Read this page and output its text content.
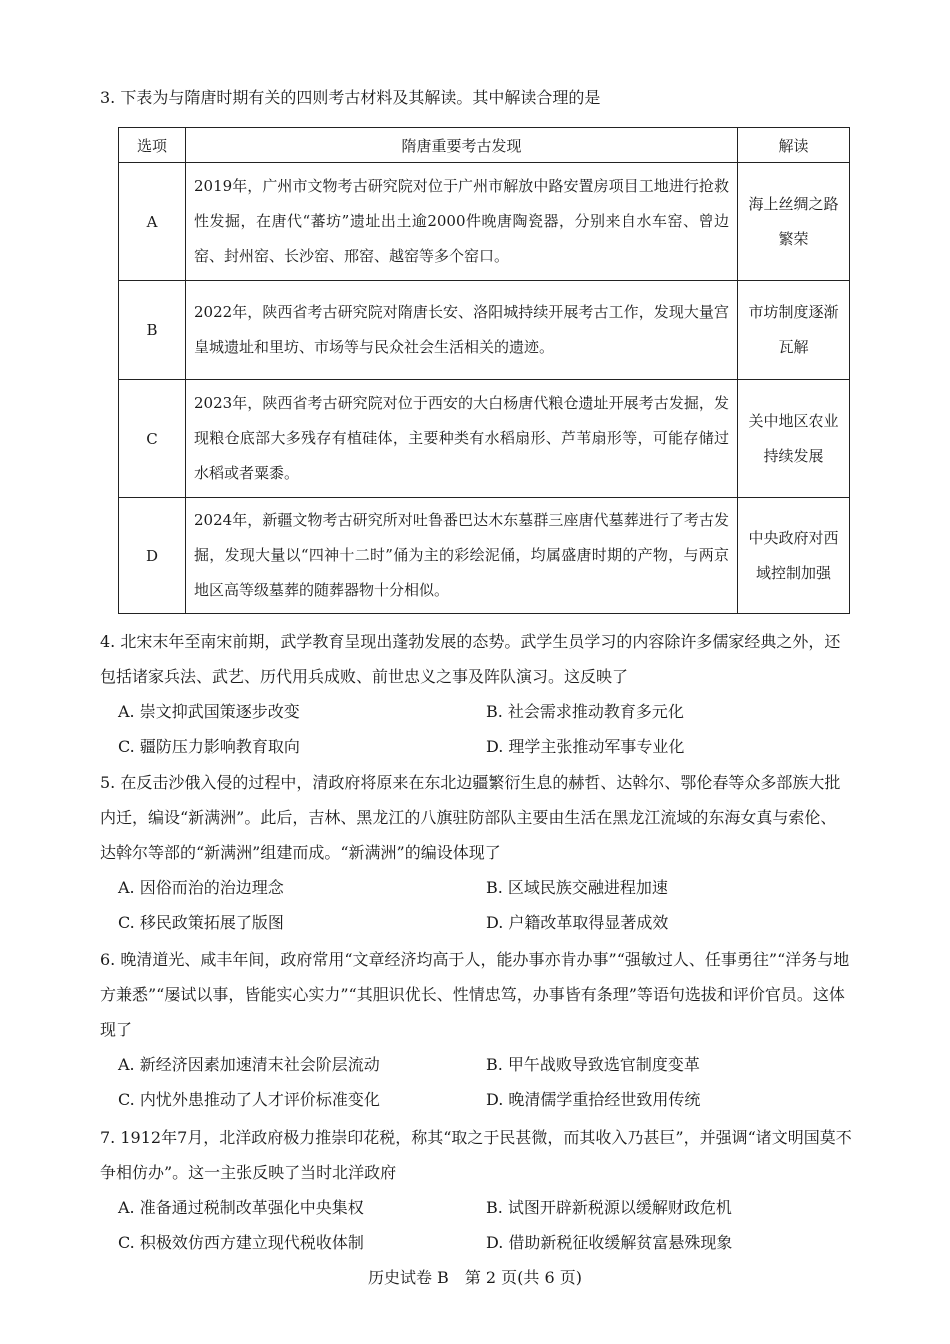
3. 下表为与隋唐时期有关的四则考古材料及其解读。其中解读合理的是
选项	隋唐重要考古发现	解读
A	2019年，广州市文物考古研究院对位于广州市解放中路安置房项目工地进行抢救性发掘，在唐代“蕃坊”遗址出土逾2000件晚唐陶瓷器，分别来自水车窑、曾边窑、封州窑、长沙窑、邢窑、越窑等多个窑口。	海上丝绸之路繁荣
B	2022年，陕西省考古研究院对隋唐长安、洛阳城持续开展考古工作，发现大量宫皇城遗址和里坊、市场等与民众社会生活相关的遗迹。	市坊制度逐渐瓦解
C	2023年，陕西省考古研究院对位于西安的大白杨唐代粮仓遗址开展考古发掘，发现粮仓底部大多残存有植硅体，主要种类有水稻扇形、芦苇扇形等，可能存储过水稻或者粟黍。	关中地区农业持续发展
D	2024年，新疆文物考古研究所对吐鲁番巴达木东墓群三座唐代墓葬进行了考古发掘，发现大量以“四神十二时”俑为主的彩绘泥俑，均属盛唐时期的产物，与两京地区高等级墓葬的随葬器物十分相似。	中央政府对西域控制加强
4. 北宋末年至南宋前期，武学教育呈现出蓬勃发展的态势。武学生员学习的内容除许多儒家经典之外，还包括诸家兵法、武艺、历代用兵成败、前世忠义之事及阵队演习。这反映了
A. 崇文抑武国策逐步改变	B. 社会需求推动教育多元化
C. 疆防压力影响教育取向	D. 理学主张推动军事专业化
5. 在反击沙俄入侵的过程中，清政府将原来在东北边疆繁衍生息的赫哲、达斡尔、鄂伦春等众多部族大批内迁，编设“新满洲”。此后，吉林、黑龙江的八旗驻防部队主要由生活在黑龙江流域的东海女真与索伦、达斡尔等部的“新满洲”组建而成。“新满洲”的编设体现了
A. 因俗而治的治边理念	B. 区域民族交融进程加速
C. 移民政策拓展了版图	D. 户籍改革取得显著成效
6. 晚清道光、咸丰年间，政府常用“文章经济均高于人，能办事亦肯办事”“强敏过人、任事勇往”“洋务与地方兼悉”“屡试以事，皆能实心实力”“其胆识优长、性情忠笃，办事皆有条理”等语句选拔和评价官员。这体现了
A. 新经济因素加速清末社会阶层流动	B. 甲午战败导致选官制度变革
C. 内忧外患推动了人才评价标准变化	D. 晚清儒学重拾经世致用传统
7. 1912年7月，北洋政府极力推崇印花税，称其“取之于民甚微，而其收入乃甚巨”，并强调“诸文明国莫不争相仿办”。这一主张反映了当时北洋政府
A. 准备通过税制改革强化中央集权	B. 试图开辟新税源以缓解财政危机
C. 积极效仿西方建立现代税收体制	D. 借助新税征收缓解贫富悬殊现象
历史试卷 B　第 2 页(共 6 页)
